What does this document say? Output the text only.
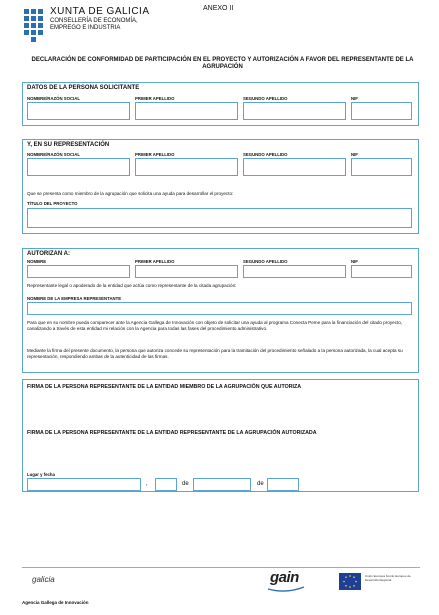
XUNTA DE GALICIA
CONSELLERÍA DE ECONOMÍA,
EMPREGO E INDUSTRIA
ANEXO II
DECLARACIÓN DE CONFORMIDAD DE PARTICIPACIÓN EN EL PROYECTO Y AUTORIZACIÓN A FAVOR DEL REPRESENTANTE DE LA AGRUPACIÓN
DATOS DE LA PERSONA SOLICITANTE
NOMBRE/RAZÓN SOCIAL	PRIMER APELLIDO	SEGUNDO APELLIDO	NIF
Y, EN SU REPRESENTACIÓN
NOMBRE/RAZÓN SOCIAL	PRIMER APELLIDO	SEGUNDO APELLIDO	NIF
Que se presenta como miembro de la agrupación que solicita una ayuda para desarrollar el proyecto:
TÍTULO DEL PROYECTO
AUTORIZAN A:
NOMBRE	PRIMER APELLIDO	SEGUNDO APELLIDO	NIF
Representante legal o apoderado de la entidad que actúa como representante de la citada agrupación:
NOMBRE DE LA EMPRESA REPRESENTANTE
Para que en su nombre pueda comparecer ante la Agencia Gallega de Innovación con objeto de solicitar una ayuda al programa Conecta Peme para la financiación del citado proyecto, canalizando a través de esta entidad mi relación con la Agencia para todas las fases del procedimiento administrativo.
Mediante la firma del presente documento, la persona que autoriza concede su representación para la tramitación del procedimiento señalado a la persona autorizada, la cual acepta su representación, respondiendo ambas de la autenticidad de las firmas.
FIRMA DE LA PERSONA REPRESENTANTE DE LA ENTIDAD MIEMBRO DE LA AGRUPACIÓN QUE AUTORIZA
FIRMA DE LA PERSONA REPRESENTANTE DE LA ENTIDAD REPRESENTANTE DE LA AGRUPACIÓN AUTORIZADA
Lugar y fecha
,	de	de
galicia	gain	Unión Europea Fondo Europeo de Desarrollo Regional
Agencia Gallega de Innovación
